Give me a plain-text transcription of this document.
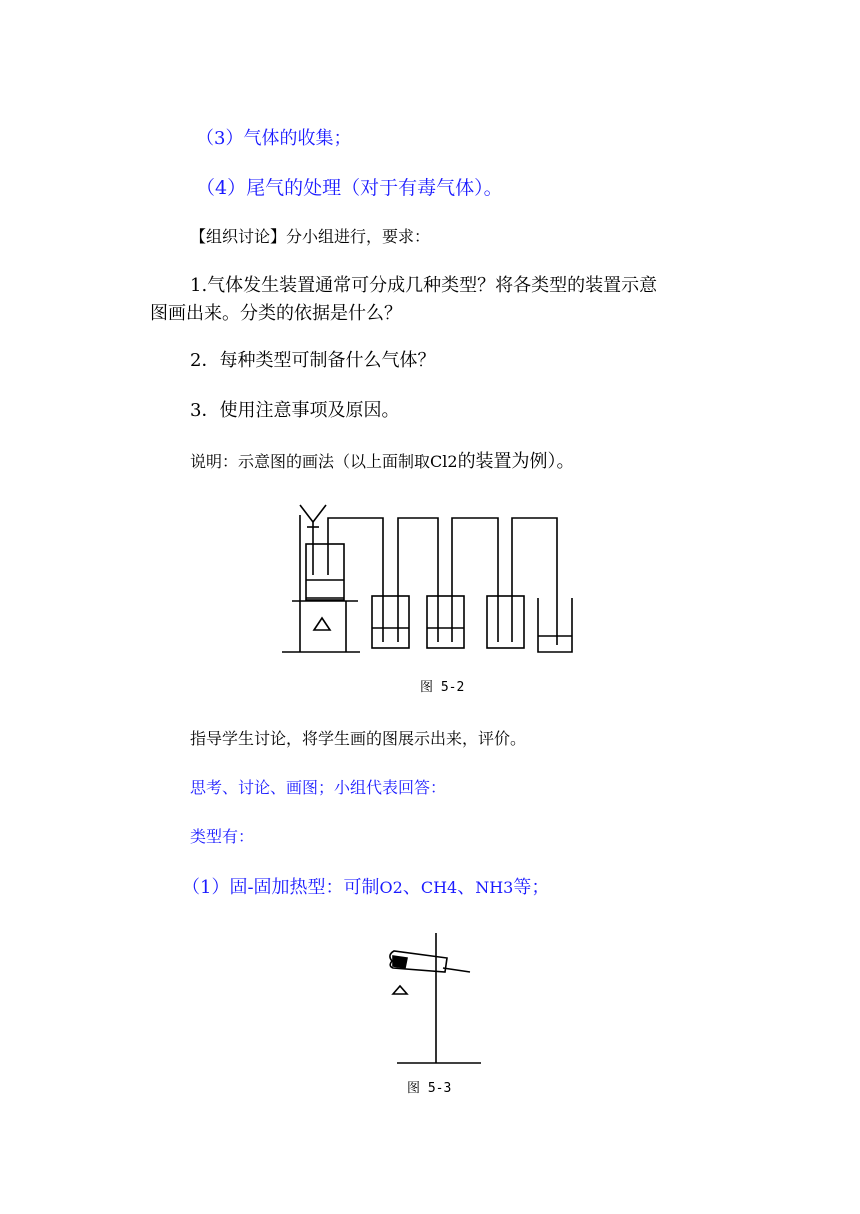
（3）气体的收集；
（4）尾气的处理（对于有毒气体）。
【组织讨论】分小组进行，要求：
1.气体发生装置通常可分成几种类型？将各类型的装置示意
图画出来。分类的依据是什么？
2．每种类型可制备什么气体？
3．使用注意事项及原因。
说明：示意图的画法（以上面制取Cl2的装置为例）。
图 5-2
指导学生讨论，将学生画的图展示出来，评价。
思考、讨论、画图；小组代表回答：
类型有：
（1）固-固加热型：可制O2、CH4、NH3等；
图 5-3
